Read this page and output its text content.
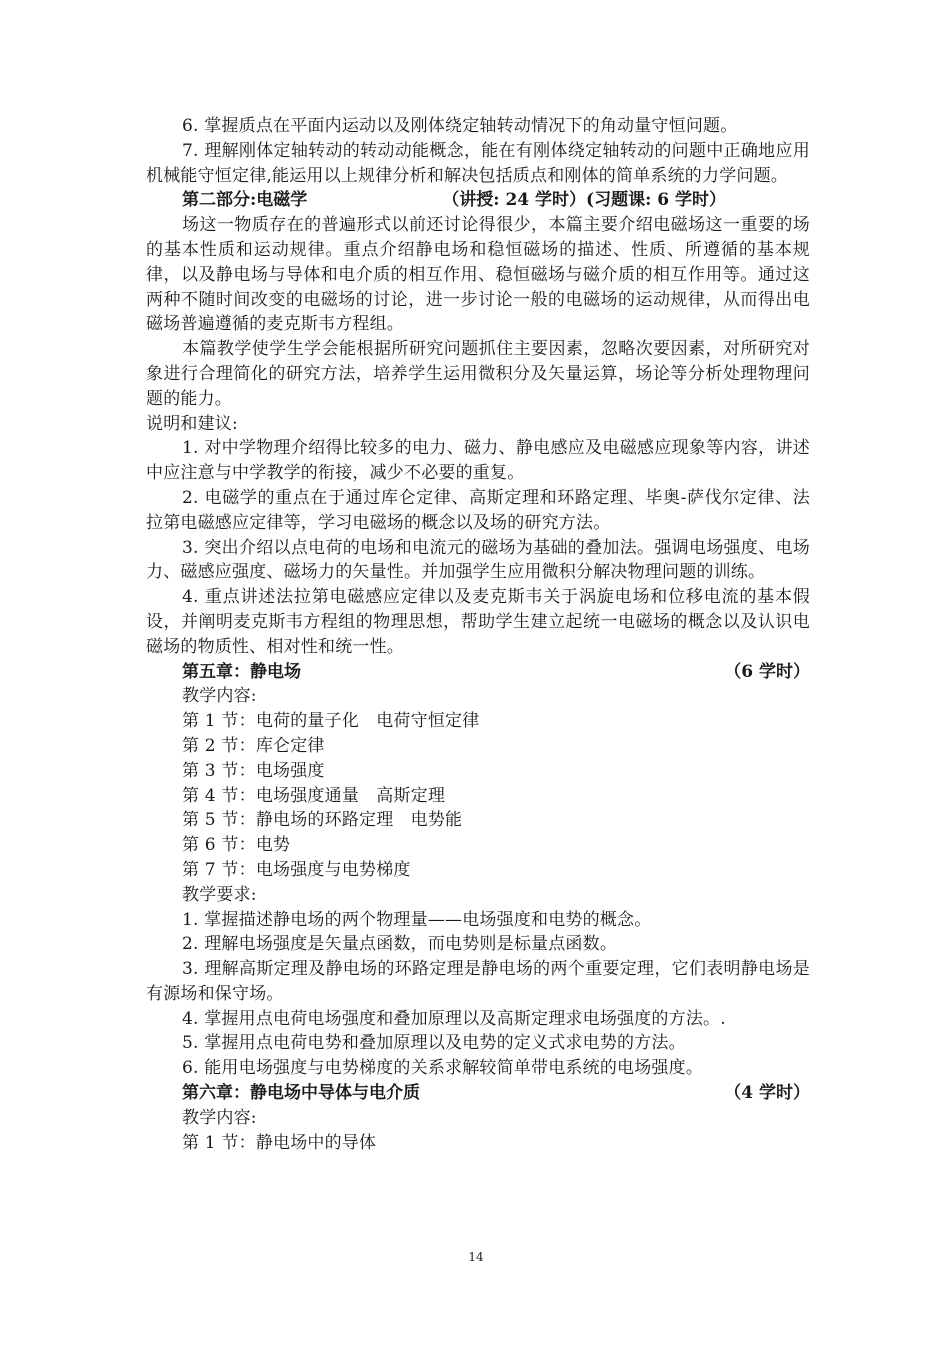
6. 掌握质点在平面内运动以及刚体绕定轴转动情况下的角动量守恒问题。

7. 理解刚体定轴转动的转动动能概念，能在有刚体绕定轴转动的问题中正确地应用机械能守恒定律,能运用以上规律分析和解决包括质点和刚体的简单系统的力学问题。

第二部分:电磁学	（讲授: 24 学时）(习题课: 6 学时）

场这一物质存在的普遍形式以前还讨论得很少，本篇主要介绍电磁场这一重要的场的基本性质和运动规律。重点介绍静电场和稳恒磁场的描述、性质、所遵循的基本规律，以及静电场与导体和电介质的相互作用、稳恒磁场与磁介质的相互作用等。通过这两种不随时间改变的电磁场的讨论，进一步讨论一般的电磁场的运动规律，从而得出电磁场普遍遵循的麦克斯韦方程组。

本篇教学使学生学会能根据所研究问题抓住主要因素，忽略次要因素，对所研究对象进行合理简化的研究方法，培养学生运用微积分及矢量运算，场论等分析处理物理问题的能力。

说明和建议:

1. 对中学物理介绍得比较多的电力、磁力、静电感应及电磁感应现象等内容，讲述中应注意与中学教学的衔接，减少不必要的重复。

2. 电磁学的重点在于通过库仑定律、高斯定理和环路定理、毕奥-萨伐尔定律、法拉第电磁感应定律等，学习电磁场的概念以及场的研究方法。

3. 突出介绍以点电荷的电场和电流元的磁场为基础的叠加法。强调电场强度、电场力、磁感应强度、磁场力的矢量性。并加强学生应用微积分解决物理问题的训练。

4. 重点讲述法拉第电磁感应定律以及麦克斯韦关于涡旋电场和位移电流的基本假设，并阐明麦克斯韦方程组的物理思想，帮助学生建立起统一电磁场的概念以及认识电磁场的物质性、相对性和统一性。

第五章：静电场	（6 学时）

教学内容:

第 1 节：电荷的量子化　电荷守恒定律

第 2 节：库仑定律

第 3 节：电场强度

第 4 节：电场强度通量　高斯定理

第 5 节：静电场的环路定理　电势能

第 6 节：电势

第 7 节：电场强度与电势梯度

教学要求:

1. 掌握描述静电场的两个物理量——电场强度和电势的概念。

2. 理解电场强度是矢量点函数，而电势则是标量点函数。

3. 理解高斯定理及静电场的环路定理是静电场的两个重要定理，它们表明静电场是有源场和保守场。

4. 掌握用点电荷电场强度和叠加原理以及高斯定理求电场强度的方法。.

5. 掌握用点电荷电势和叠加原理以及电势的定义式求电势的方法。

6. 能用电场强度与电势梯度的关系求解较简单带电系统的电场强度。

第六章：静电场中导体与电介质	（4 学时）

教学内容:

第 1 节：静电场中的导体

14
